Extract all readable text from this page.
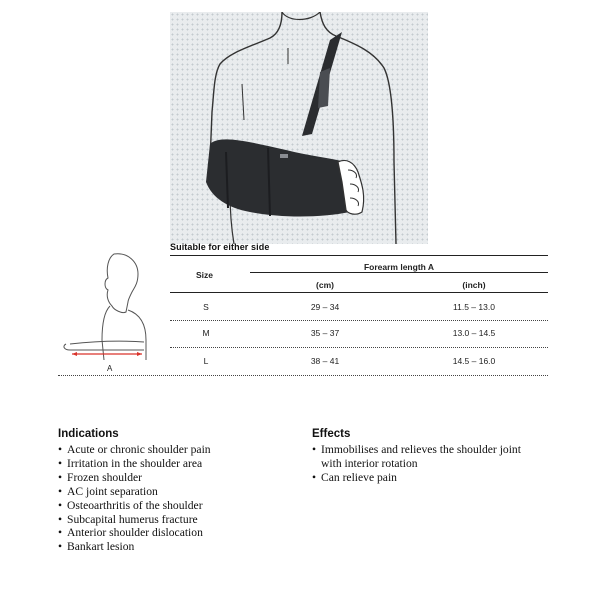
A
Suitable for either side
Size
Forearm length A
(cm)	(inch)
S	29 – 34	11.5 – 13.0
M	35 – 37	13.0 – 14.5
L	38 – 41	14.5 – 16.0
Indications
• Acute or chronic shoulder pain
• Irritation in the shoulder area
• Frozen shoulder
• AC joint separation
• Osteoarthritis of the shoulder
• Subcapital humerus fracture
• Anterior shoulder dislocation
• Bankart lesion
Effects
• Immobilises and relieves the shoulder joint
with interior rotation
• Can relieve pain
